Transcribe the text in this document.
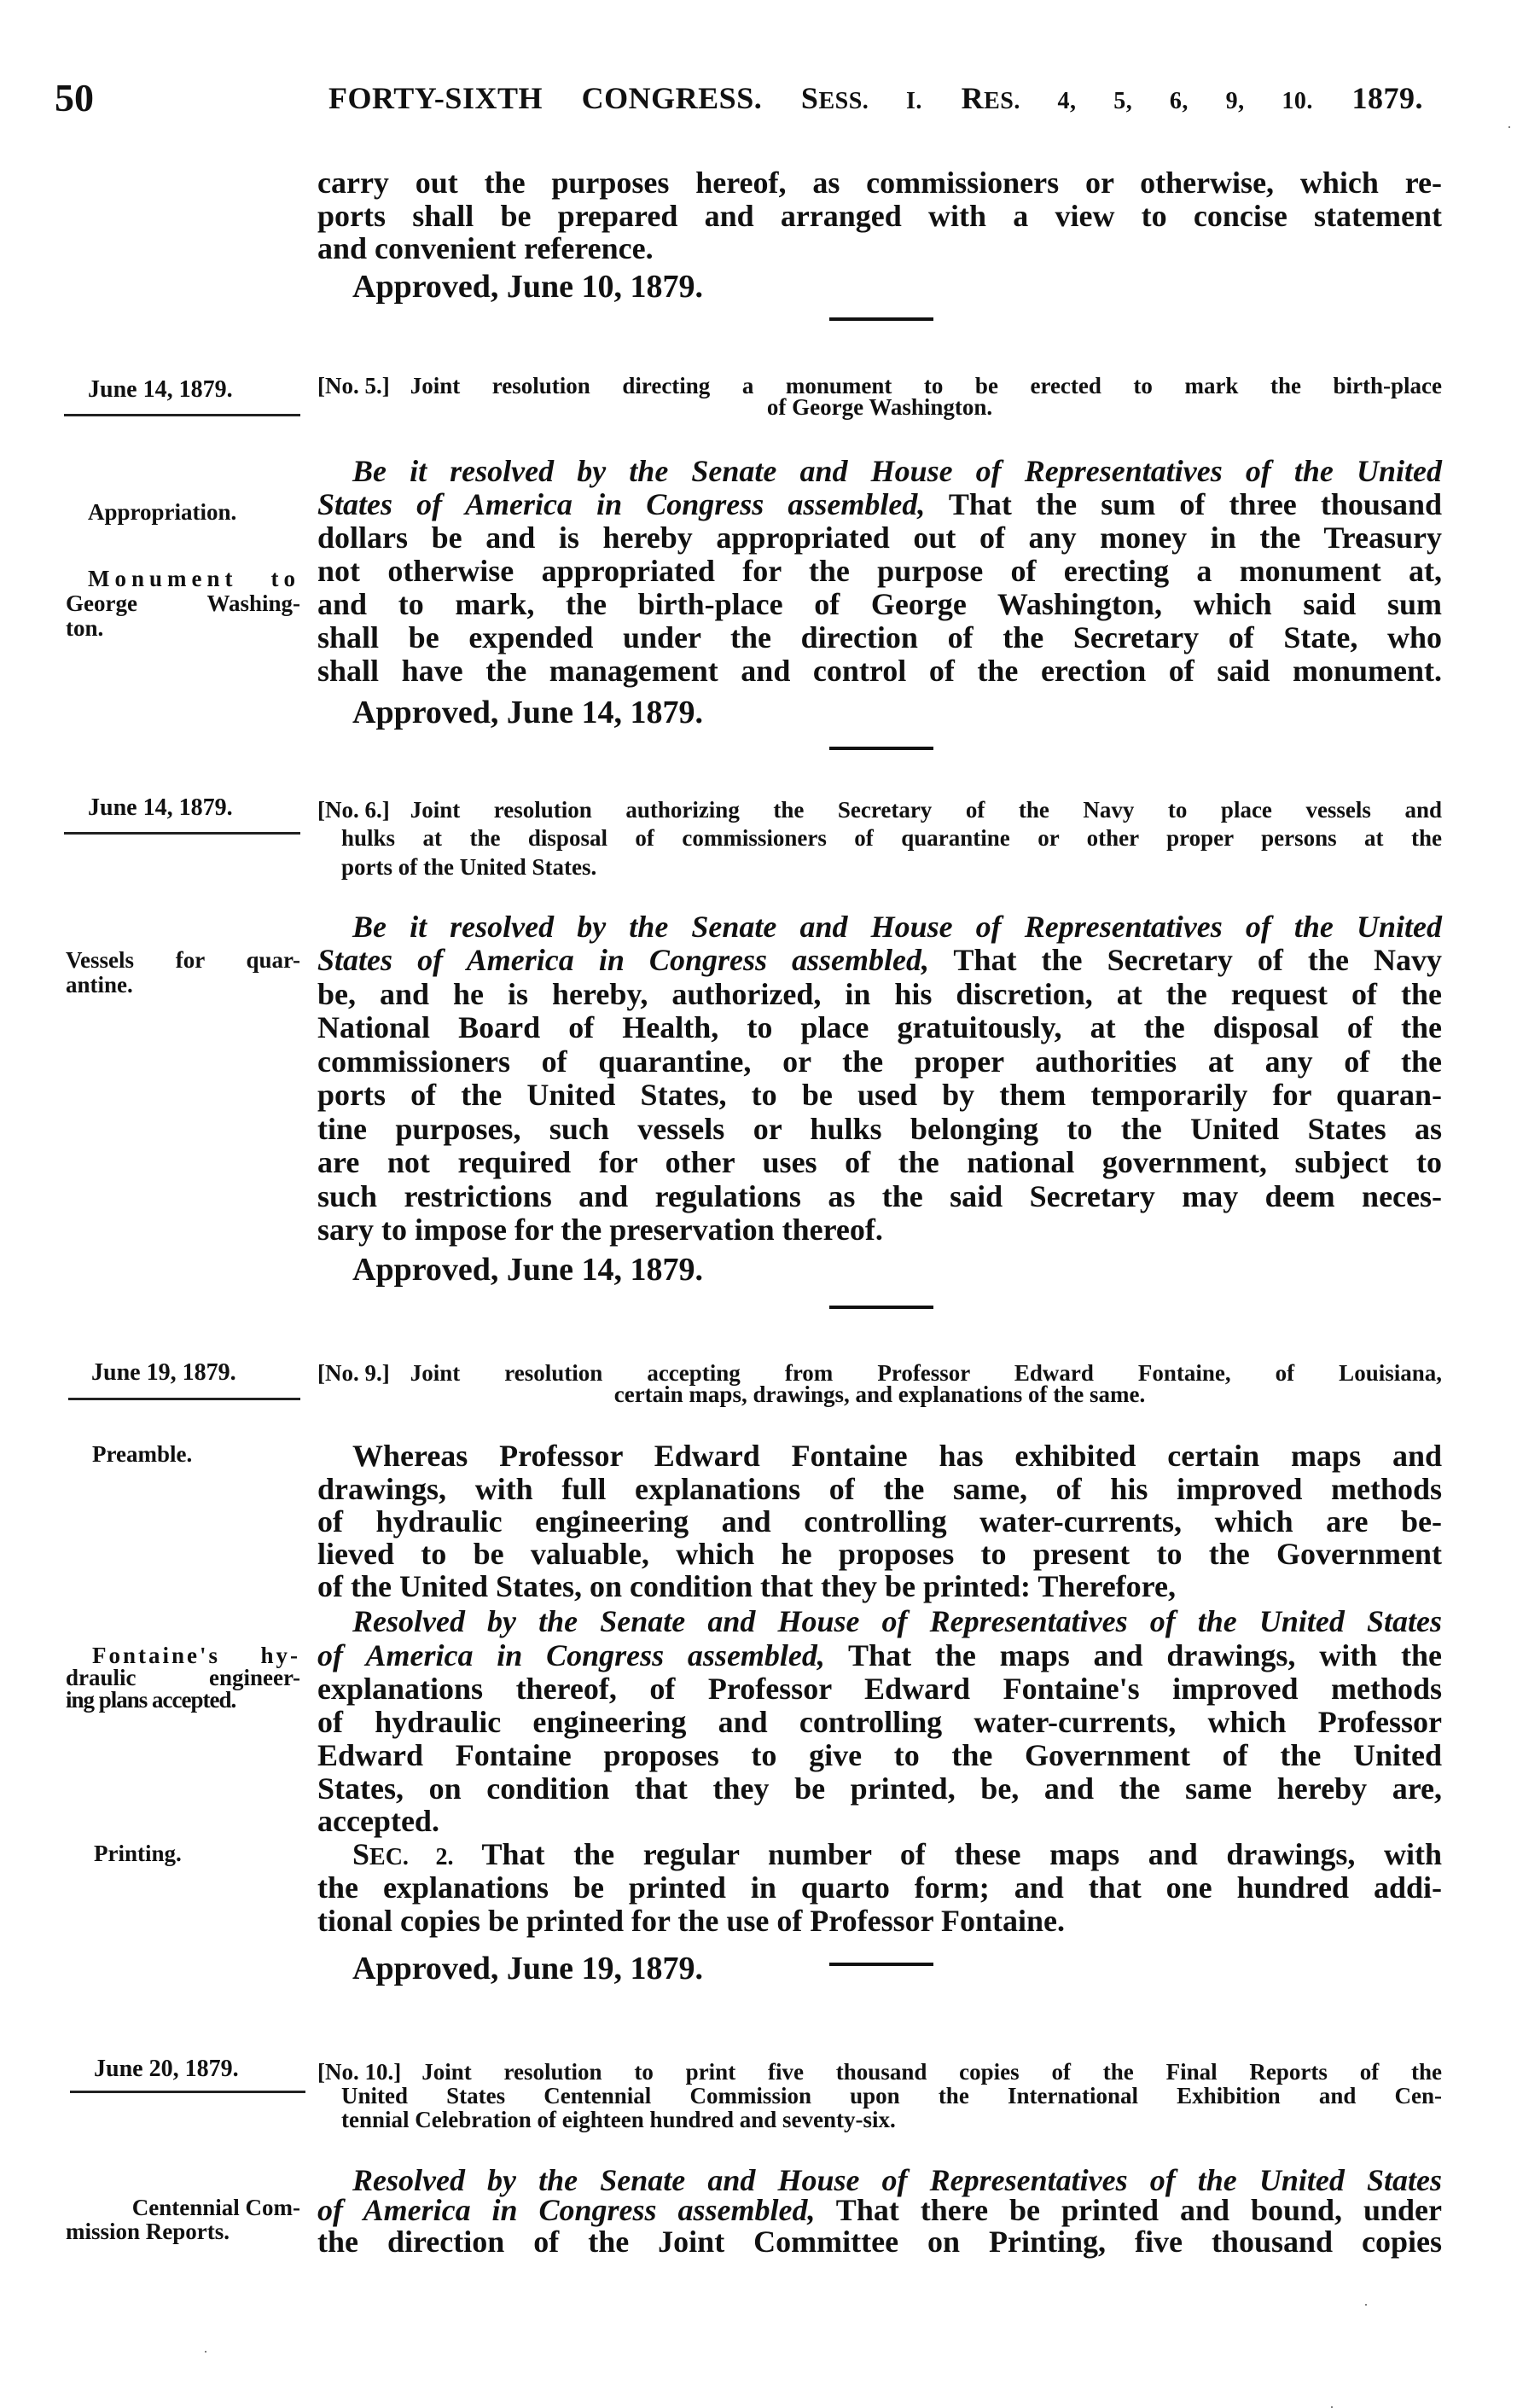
50	FORTY-SIXTH CONGRESS. SESS. I. RES. 4, 5, 6, 9, 10. 1879.
carry out the purposes hereof, as commissioners or otherwise, which re-
ports shall be prepared and arranged with a view to concise statement
and convenient reference.
Approved, June 10, 1879.
June 14, 1879.	[No. 5.] Joint resolution directing a monument to be erected to mark the birth-place
of George Washington.
Be it resolved by the Senate and House of Representatives of the United
States of America in Congress assembled, That the sum of three thousand
dollars be and is hereby appropriated out of any money in the Treasury
not otherwise appropriated for the purpose of erecting a monument at,
and to mark, the birth-place of George Washington, which said sum
shall be expended under the direction of the Secretary of State, who
shall have the management and control of the erection of said monument.
Approved, June 14, 1879.
Appropriation.
Monument to
George Washing-
ton.
June 14, 1879.	[No. 6.] Joint resolution authorizing the Secretary of the Navy to place vessels and
hulks at the disposal of commissioners of quarantine or other proper persons at the
ports of the United States.
Be it resolved by the Senate and House of Representatives of the United
States of America in Congress assembled, That the Secretary of the Navy
be, and he is hereby, authorized, in his discretion, at the request of the
National Board of Health, to place gratuitously, at the disposal of the
commissioners of quarantine, or the proper authorities at any of the
ports of the United States, to be used by them temporarily for quaran-
tine purposes, such vessels or hulks belonging to the United States as
are not required for other uses of the national government, subject to
such restrictions and regulations as the said Secretary may deem neces-
sary to impose for the preservation thereof.
Approved, June 14, 1879.
Vessels for quar-
antine.
June 19, 1879.	[No. 9.] Joint resolution accepting from Professor Edward Fontaine, of Louisiana,
certain maps, drawings, and explanations of the same.
Whereas Professor Edward Fontaine has exhibited certain maps and
drawings, with full explanations of the same, of his improved methods
of hydraulic engineering and controlling water-currents, which are be-
lieved to be valuable, which he proposes to present to the Government
of the United States, on condition that they be printed: Therefore,
Resolved by the Senate and House of Representatives of the United States
of America in Congress assembled, That the maps and drawings, with the
explanations thereof, of Professor Edward Fontaine's improved methods
of hydraulic engineering and controlling water-currents, which Professor
Edward Fontaine proposes to give to the Government of the United
States, on condition that they be printed, be, and the same hereby are,
accepted.
SEC. 2. That the regular number of these maps and drawings, with
the explanations be printed in quarto form; and that one hundred addi-
tional copies be printed for the use of Professor Fontaine.
Approved, June 19, 1879.
Preamble.
Fontaine's hy-
draulic engineer-
ing plans accepted.
Printing.
June 20, 1879.	[No. 10.] Joint resolution to print five thousand copies of the Final Reports of the
United States Centennial Commission upon the International Exhibition and Cen-
tennial Celebration of eighteen hundred and seventy-six.
Resolved by the Senate and House of Representatives of the United States
of America in Congress assembled, That there be printed and bound, under
the direction of the Joint Committee on Printing, five thousand copies
Centennial Com-
mission Reports.
